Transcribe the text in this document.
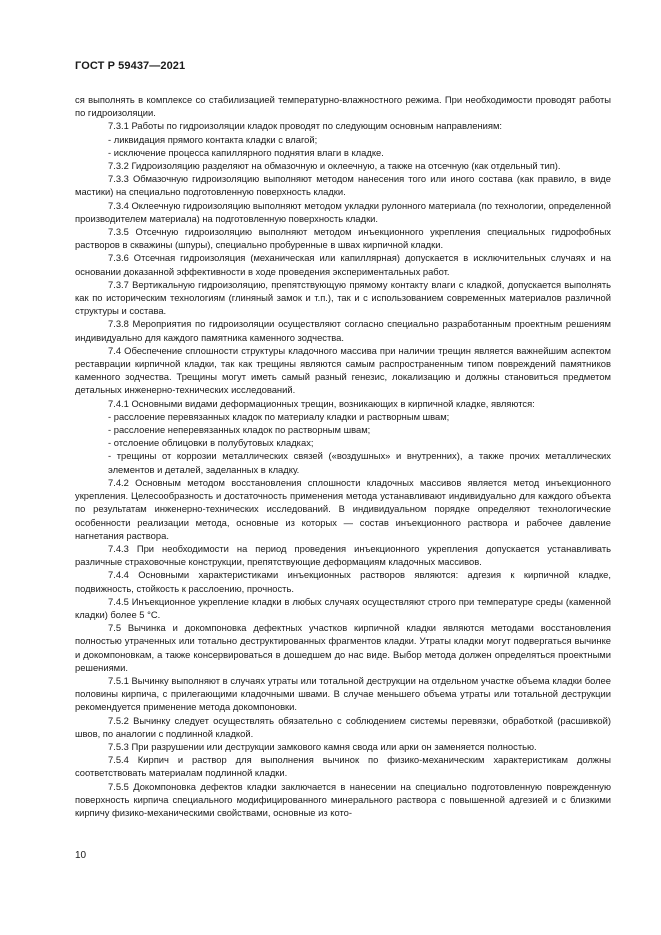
ГОСТ Р 59437—2021

ся выполнять в комплексе со стабилизацией температурно-влажностного режима. При необходимости проводят работы по гидроизоляции.

7.3.1 Работы по гидроизоляции кладок проводят по следующим основным направлениям:

- ликвидация прямого контакта кладки с влагой;

- исключение процесса капиллярного поднятия влаги в кладке.

7.3.2 Гидроизоляцию разделяют на обмазочную и оклеечную, а также на отсечную (как отдельный тип).

7.3.3 Обмазочную гидроизоляцию выполняют методом нанесения того или иного состава (как правило, в виде мастики) на специально подготовленную поверхность кладки.

7.3.4 Оклеечную гидроизоляцию выполняют методом укладки рулонного материала (по технологии, определенной производителем материала) на подготовленную поверхность кладки.

7.3.5 Отсечную гидроизоляцию выполняют методом инъекционного укрепления специальных гидрофобных растворов в скважины (шпуры), специально пробуренные в швах кирпичной кладки.

7.3.6 Отсечная гидроизоляция (механическая или капиллярная) допускается в исключительных случаях и на основании доказанной эффективности в ходе проведения экспериментальных работ.

7.3.7 Вертикальную гидроизоляцию, препятствующую прямому контакту влаги с кладкой, допускается выполнять как по историческим технологиям (глиняный замок и т.п.), так и с использованием современных материалов различной структуры и состава.

7.3.8 Мероприятия по гидроизоляции осуществляют согласно специально разработанным проектным решениям индивидуально для каждого памятника каменного зодчества.

7.4 Обеспечение сплошности структуры кладочного массива при наличии трещин является важнейшим аспектом реставрации кирпичной кладки, так как трещины являются самым распространенным типом повреждений памятников каменного зодчества. Трещины могут иметь самый разный генезис, локализацию и должны становиться предметом детальных инженерно-технических исследований.

7.4.1 Основными видами деформационных трещин, возникающих в кирпичной кладке, являются:

- расслоение перевязанных кладок по материалу кладки и растворным швам;

- расслоение неперевязанных кладок по растворным швам;

- отслоение облицовки в полубутовых кладках;

- трещины от коррозии металлических связей («воздушных» и внутренних), а также прочих металлических элементов и деталей, заделанных в кладку.

7.4.2 Основным методом восстановления сплошности кладочных массивов является метод инъекционного укрепления. Целесообразность и достаточность применения метода устанавливают индивидуально для каждого объекта по результатам инженерно-технических исследований. В индивидуальном порядке определяют технологические особенности реализации метода, основные из которых — состав инъекционного раствора и рабочее давление нагнетания раствора.

7.4.3 При необходимости на период проведения инъекционного укрепления допускается устанавливать различные страховочные конструкции, препятствующие деформациям кладочных массивов.

7.4.4 Основными характеристиками инъекционных растворов являются: адгезия к кирпичной кладке, подвижность, стойкость к расслоению, прочность.

7.4.5 Инъекционное укрепление кладки в любых случаях осуществляют строго при температуре среды (каменной кладки) более 5 °С.

7.5 Вычинка и докомпоновка дефектных участков кирпичной кладки являются методами восстановления полностью утраченных или тотально деструктированных фрагментов кладки. Утраты кладки могут подвергаться вычинке и докомпоновкам, а также консервироваться в дошедшем до нас виде. Выбор метода должен определяться проектными решениями.

7.5.1 Вычинку выполняют в случаях утраты или тотальной деструкции на отдельном участке объема кладки более половины кирпича, с прилегающими кладочными швами. В случае меньшего объема утраты или тотальной деструкции рекомендуется применение метода докомпоновки.

7.5.2 Вычинку следует осуществлять обязательно с соблюдением системы перевязки, обработкой (расшивкой) швов, по аналогии с подлинной кладкой.

7.5.3 При разрушении или деструкции замкового камня свода или арки он заменяется полностью.

7.5.4 Кирпич и раствор для выполнения вычинок по физико-механическим характеристикам должны соответствовать материалам подлинной кладки.

7.5.5 Докомпоновка дефектов кладки заключается в нанесении на специально подготовленную поврежденную поверхность кирпича специального модифицированного минерального раствора с повышенной адгезией и с близкими кирпичу физико-механическими свойствами, основные из кото-

10
